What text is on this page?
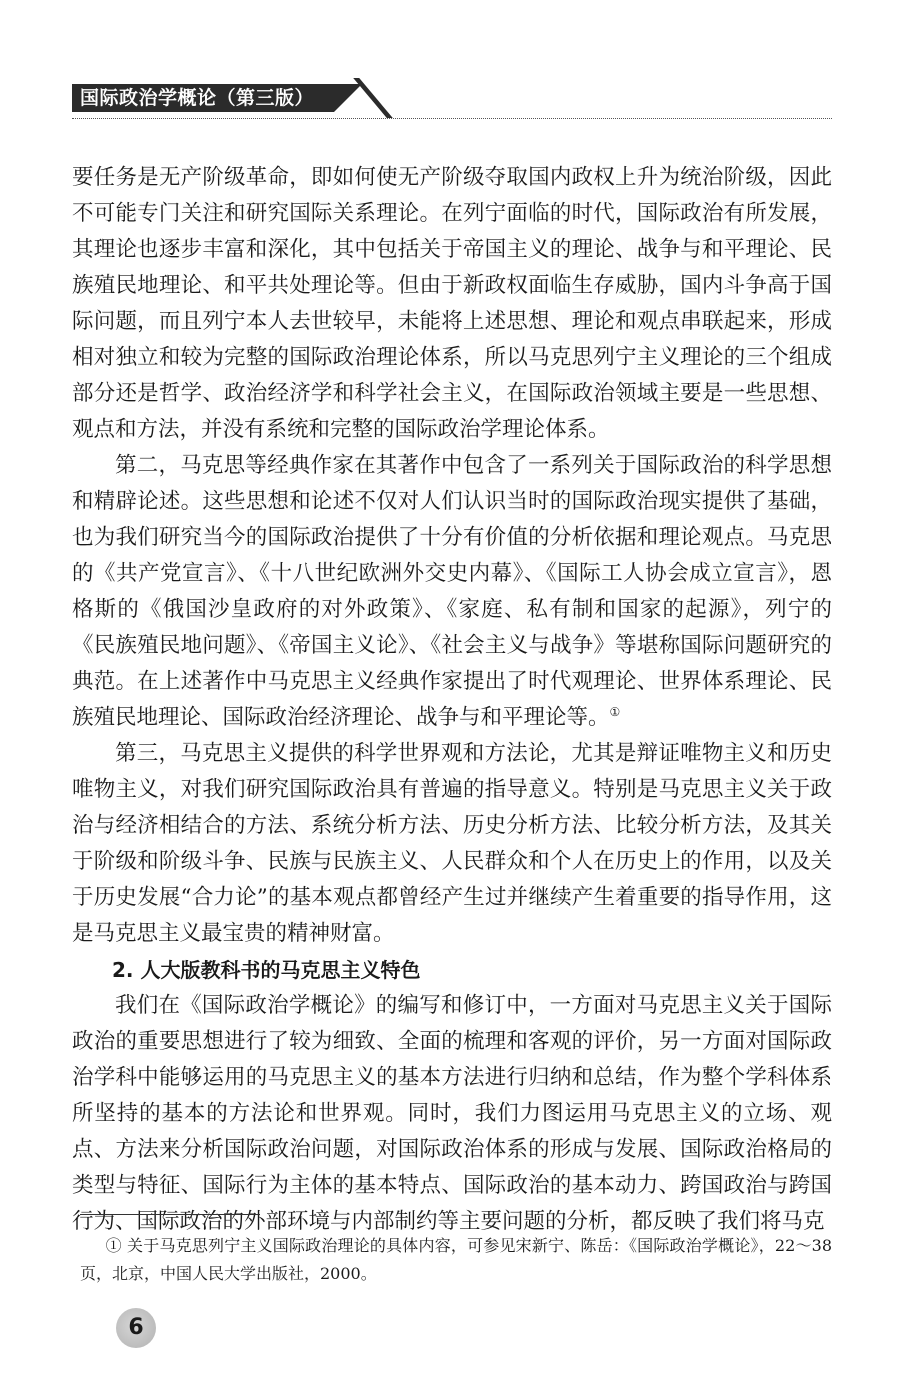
国际政治学概论（第三版）

要任务是无产阶级革命，即如何使无产阶级夺取国内政权上升为统治阶级，因此不可能专门关注和研究国际关系理论。在列宁面临的时代，国际政治有所发展，其理论也逐步丰富和深化，其中包括关于帝国主义的理论、战争与和平理论、民族殖民地理论、和平共处理论等。但由于新政权面临生存威胁，国内斗争高于国际问题，而且列宁本人去世较早，未能将上述思想、理论和观点串联起来，形成相对独立和较为完整的国际政治理论体系，所以马克思列宁主义理论的三个组成部分还是哲学、政治经济学和科学社会主义，在国际政治领域主要是一些思想、观点和方法，并没有系统和完整的国际政治学理论体系。

第二，马克思等经典作家在其著作中包含了一系列关于国际政治的科学思想和精辟论述。这些思想和论述不仅对人们认识当时的国际政治现实提供了基础，也为我们研究当今的国际政治提供了十分有价值的分析依据和理论观点。马克思的《共产党宣言》、《十八世纪欧洲外交史内幕》、《国际工人协会成立宣言》，恩格斯的《俄国沙皇政府的对外政策》、《家庭、私有制和国家的起源》，列宁的《民族殖民地问题》、《帝国主义论》、《社会主义与战争》等堪称国际问题研究的典范。在上述著作中马克思主义经典作家提出了时代观理论、世界体系理论、民族殖民地理论、国际政治经济理论、战争与和平理论等。①

第三，马克思主义提供的科学世界观和方法论，尤其是辩证唯物主义和历史唯物主义，对我们研究国际政治具有普遍的指导意义。特别是马克思主义关于政治与经济相结合的方法、系统分析方法、历史分析方法、比较分析方法，及其关于阶级和阶级斗争、民族与民族主义、人民群众和个人在历史上的作用，以及关于历史发展“合力论”的基本观点都曾经产生过并继续产生着重要的指导作用，这是马克思主义最宝贵的精神财富。

2. 人大版教科书的马克思主义特色

我们在《国际政治学概论》的编写和修订中，一方面对马克思主义关于国际政治的重要思想进行了较为细致、全面的梳理和客观的评价，另一方面对国际政治学科中能够运用的马克思主义的基本方法进行归纳和总结，作为整个学科体系所坚持的基本的方法论和世界观。同时，我们力图运用马克思主义的立场、观点、方法来分析国际政治问题，对国际政治体系的形成与发展、国际政治格局的类型与特征、国际行为主体的基本特点、国际政治的基本动力、跨国政治与跨国行为、国际政治的外部环境与内部制约等主要问题的分析，都反映了我们将马克

① 关于马克思列宁主义国际政治理论的具体内容，可参见宋新宁、陈岳：《国际政治学概论》，22～38页，北京，中国人民大学出版社，2000。
6
